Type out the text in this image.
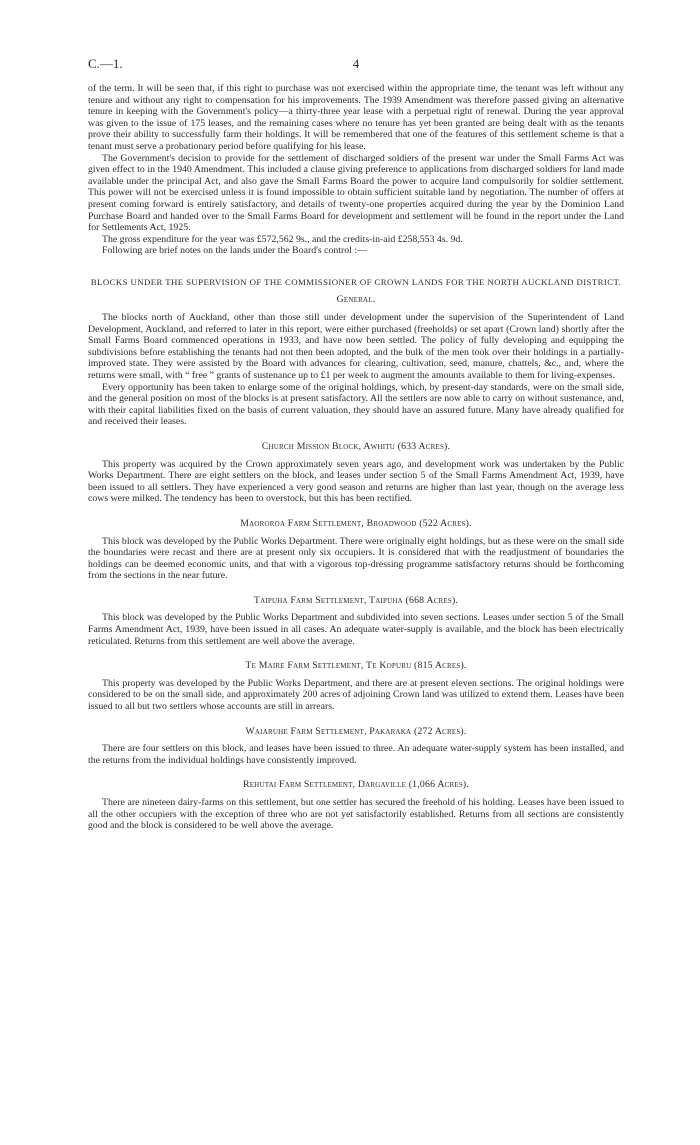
C.—1.	4

of the term. It will be seen that, if this right to purchase was not exercised within the appropriate time, the tenant was left without any tenure and without any right to compensation for his improvements. The 1939 Amendment was therefore passed giving an alternative tenure in keeping with the Government's policy—a thirty-three year lease with a perpetual right of renewal. During the year approval was given to the issue of 175 leases, and the remaining cases where no tenure has yet been granted are being dealt with as the tenants prove their ability to successfully farm their holdings. It will be remembered that one of the features of this settlement scheme is that a tenant must serve a probationary period before qualifying for his lease.

The Government's decision to provide for the settlement of discharged soldiers of the present war under the Small Farms Act was given effect to in the 1940 Amendment. This included a clause giving preference to applications from discharged soldiers for land made available under the principal Act, and also gave the Small Farms Board the power to acquire land compulsorily for soldier settlement. This power will not be exercised unless it is found impossible to obtain sufficient suitable land by negotiation. The number of offers at present coming forward is entirely satisfactory, and details of twenty-one properties acquired during the year by the Dominion Land Purchase Board and handed over to the Small Farms Board for development and settlement will be found in the report under the Land for Settlements Act, 1925.

The gross expenditure for the year was £572,562 9s., and the credits-in-aid £258,553 4s. 9d.

Following are brief notes on the lands under the Board's control :—

BLOCKS UNDER THE SUPERVISION OF THE COMMISSIONER OF CROWN LANDS FOR THE NORTH AUCKLAND DISTRICT.
General.

The blocks north of Auckland, other than those still under development under the supervision of the Superintendent of Land Development, Auckland, and referred to later in this report, were either purchased (freeholds) or set apart (Crown land) shortly after the Small Farms Board commenced operations in 1933, and have now been settled. The policy of fully developing and equipping the subdivisions before establishing the tenants had not then been adopted, and the bulk of the men took over their holdings in a partially-improved state. They were assisted by the Board with advances for clearing, cultivation, seed, manure, chattels, &c., and, where the returns were small, with “ free ” grants of sustenance up to £1 per week to augment the amounts available to them for living-expenses.

Every opportunity has been taken to enlarge some of the original holdings, which, by present-day standards, were on the small side, and the general position on most of the blocks is at present satisfactory. All the settlers are now able to carry on without sustenance, and, with their capital liabilities fixed on the basis of current valuation, they should have an assured future. Many have already qualified for and received their leases.

Church Mission Block, Awhitu (633 Acres).

This property was acquired by the Crown approximately seven years ago, and development work was undertaken by the Public Works Department. There are eight settlers on the block, and leases under section 5 of the Small Farms Amendment Act, 1939, have been issued to all settlers. They have experienced a very good season and returns are higher than last year, though on the average less cows were milked. The tendency has been to overstock, but this has been rectified.

Maororoa Farm Settlement, Broadwood (522 Acres).

This block was developed by the Public Works Department. There were originally eight holdings, but as these were on the small side the boundaries were recast and there are at present only six occupiers. It is considered that with the readjustment of boundaries the holdings can be deemed economic units, and that with a vigorous top-dressing programme satisfactory returns should be forthcoming from the sections in the near future.

Taipuha Farm Settlement, Taipuha (668 Acres).

This block was developed by the Public Works Department and subdivided into seven sections. Leases under section 5 of the Small Farms Amendment Act, 1939, have been issued in all cases. An adequate water-supply is available, and the block has been electrically reticulated. Returns from this settlement are well above the average.

Te Maire Farm Settlement, Te Kopuru (815 Acres).

This property was developed by the Public Works Department, and there are at present eleven sections. The original holdings were considered to be on the small side, and approximately 200 acres of adjoining Crown land was utilized to extend them. Leases have been issued to all but two settlers whose accounts are still in arrears.

Waiaruhe Farm Settlement, Pakaraka (272 Acres).

There are four settlers on this block, and leases have been issued to three. An adequate water-supply system has been installed, and the returns from the individual holdings have consistently improved.

Rehutai Farm Settlement, Dargaville (1,066 Acres).

There are nineteen dairy-farms on this settlement, but one settler has secured the freehold of his holding. Leases have been issued to all the other occupiers with the exception of three who are not yet satisfactorily established. Returns from all sections are consistently good and the block is considered to be well above the average.
